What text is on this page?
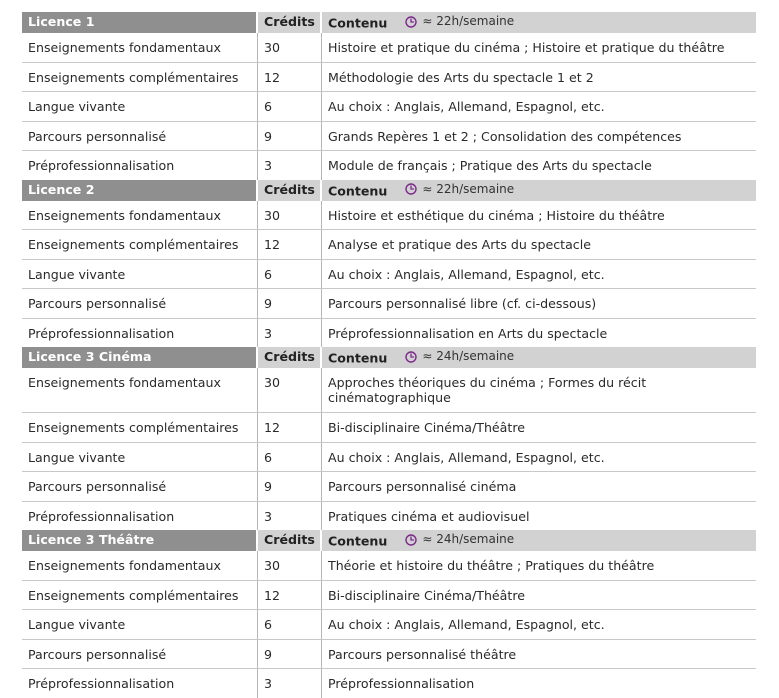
Licence 1	Crédits	Contenu	≈ 22h/semaine
Enseignements fondamentaux	30	Histoire et pratique du cinéma ; Histoire et pratique du théâtre
Enseignements complémentaires	12	Méthodologie des Arts du spectacle 1 et 2
Langue vivante	6	Au choix : Anglais, Allemand, Espagnol, etc.
Parcours personnalisé	9	Grands Repères 1 et 2 ; Consolidation des compétences
Préprofessionnalisation	3	Module de français ; Pratique des Arts du spectacle
Licence 2	Crédits	Contenu	≈ 22h/semaine
Enseignements fondamentaux	30	Histoire et esthétique du cinéma ; Histoire du théâtre
Enseignements complémentaires	12	Analyse et pratique des Arts du spectacle
Langue vivante	6	Au choix : Anglais, Allemand, Espagnol, etc.
Parcours personnalisé	9	Parcours personnalisé libre (cf. ci-dessous)
Préprofessionnalisation	3	Préprofessionnalisation en Arts du spectacle
Licence 3 Cinéma	Crédits	Contenu	≈ 24h/semaine
Enseignements fondamentaux	30	Approches théoriques du cinéma ; Formes du récit cinématographique
Enseignements complémentaires	12	Bi-disciplinaire Cinéma/Théâtre
Langue vivante	6	Au choix : Anglais, Allemand, Espagnol, etc.
Parcours personnalisé	9	Parcours personnalisé cinéma
Préprofessionnalisation	3	Pratiques cinéma et audiovisuel
Licence 3 Théâtre	Crédits	Contenu	≈ 24h/semaine
Enseignements fondamentaux	30	Théorie et histoire du théâtre ; Pratiques du théâtre
Enseignements complémentaires	12	Bi-disciplinaire Cinéma/Théâtre
Langue vivante	6	Au choix : Anglais, Allemand, Espagnol, etc.
Parcours personnalisé	9	Parcours personnalisé théâtre
Préprofessionnalisation	3	Préprofessionnalisation
